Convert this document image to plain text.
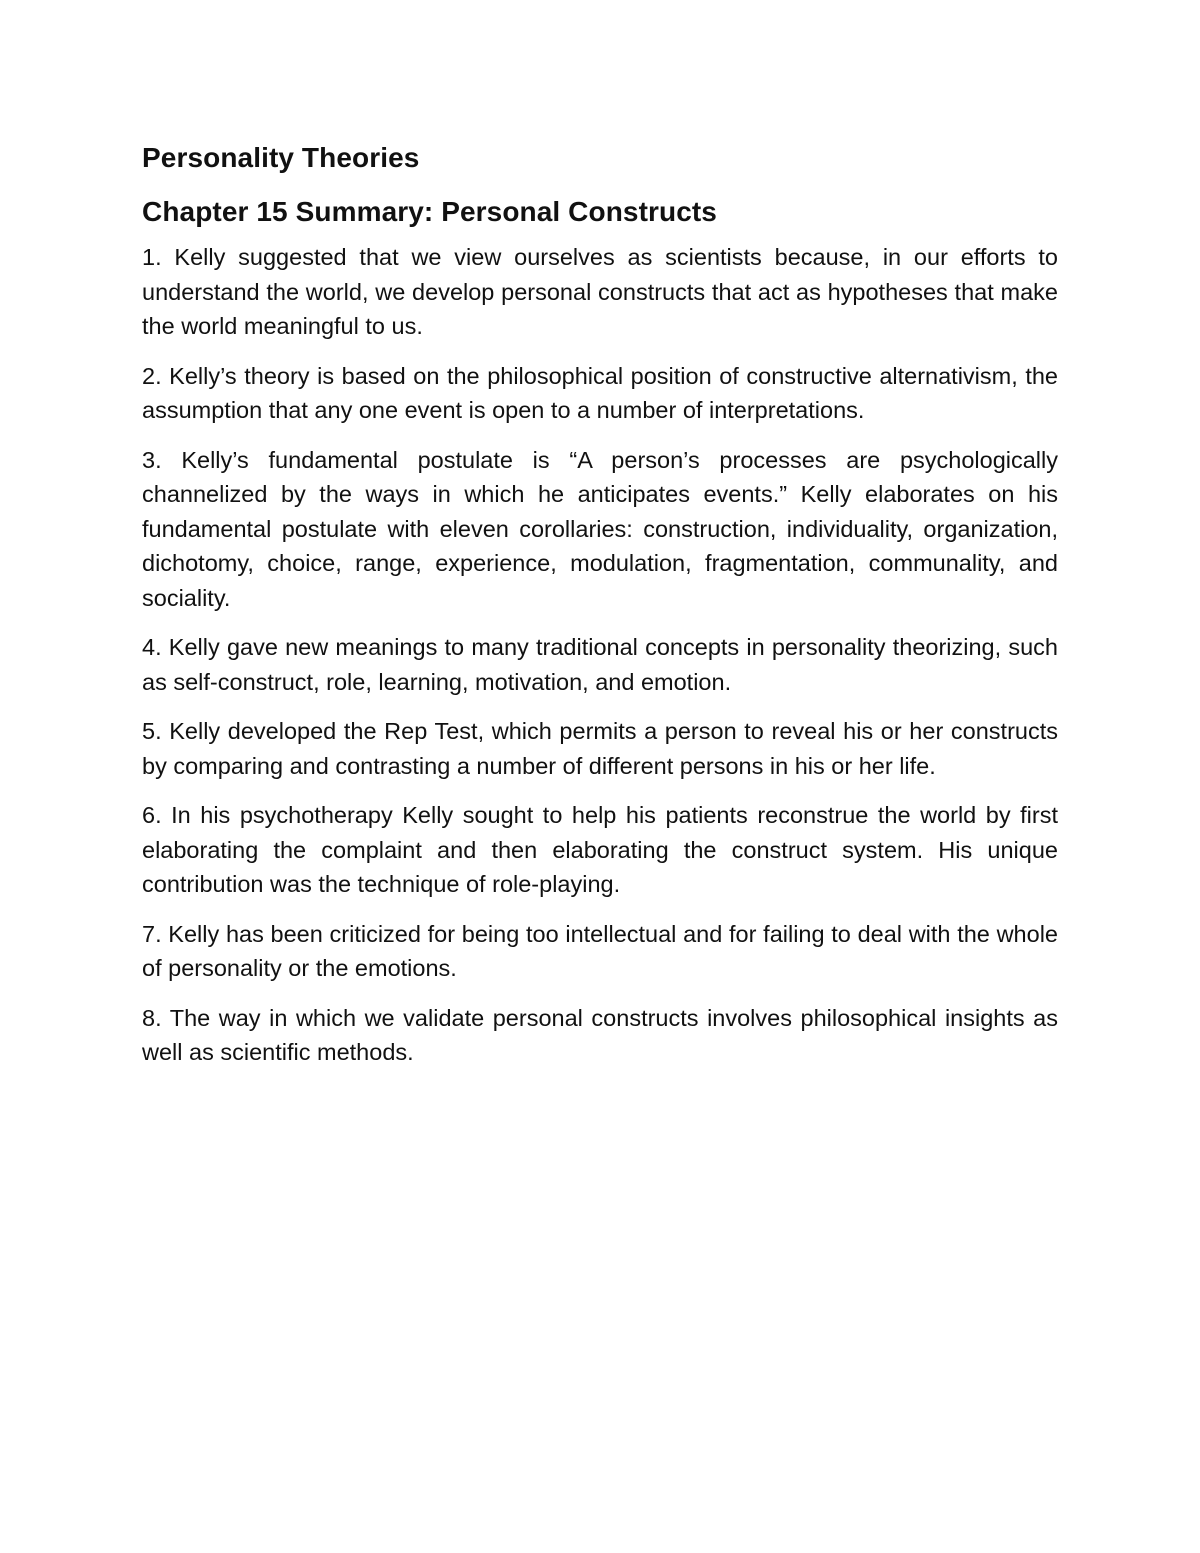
Personality Theories
Chapter 15 Summary: Personal Constructs

1. Kelly suggested that we view ourselves as scientists because, in our efforts to understand the world, we develop personal constructs that act as hypotheses that make the world meaningful to us.

2. Kelly’s theory is based on the philosophical position of constructive alternativism, the assumption that any one event is open to a number of interpretations.

3. Kelly’s fundamental postulate is “A person’s processes are psychologically channelized by the ways in which he anticipates events.” Kelly elaborates on his fundamental postulate with eleven corollaries: construction, individuality, organization, dichotomy, choice, range, experience, modulation, fragmentation, communality, and sociality.

4. Kelly gave new meanings to many traditional concepts in personality theorizing, such as self-construct, role, learning, motivation, and emotion.

5. Kelly developed the Rep Test, which permits a person to reveal his or her constructs by comparing and contrasting a number of different persons in his or her life.

6. In his psychotherapy Kelly sought to help his patients reconstrue the world by first elaborating the complaint and then elaborating the construct system. His unique contribution was the technique of role-playing.

7. Kelly has been criticized for being too intellectual and for failing to deal with the whole of personality or the emotions.

8. The way in which we validate personal constructs involves philosophical insights as well as scientific methods.
